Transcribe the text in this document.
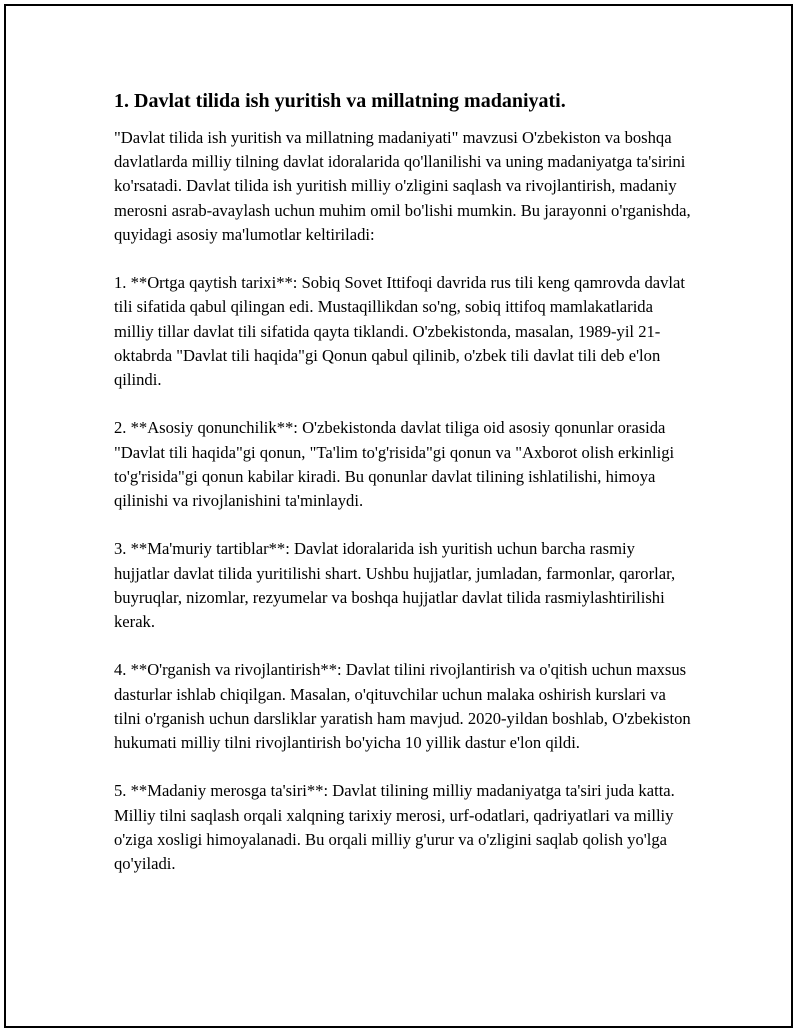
1. Davlat tilida ish yuritish va millatning madaniyati.

"Davlat tilida ish yuritish va millatning madaniyati" mavzusi O'zbekiston va boshqa davlatlarda milliy tilning davlat idoralarida qo'llanilishi va uning madaniyatga ta'sirini ko'rsatadi. Davlat tilida ish yuritish milliy o'zligini saqlash va rivojlantirish, madaniy merosni asrab-avaylash uchun muhim omil bo'lishi mumkin. Bu jarayonni o'rganishda, quyidagi asosiy ma'lumotlar keltiriladi:

1. **Ortga qaytish tarixi**: Sobiq Sovet Ittifoqi davrida rus tili keng qamrovda davlat tili sifatida qabul qilingan edi. Mustaqillikdan so'ng, sobiq ittifoq mamlakatlarida milliy tillar davlat tili sifatida qayta tiklandi. O'zbekistonda, masalan, 1989-yil 21-oktabrda "Davlat tili haqida"gi Qonun qabul qilinib, o'zbek tili davlat tili deb e'lon qilindi.

2. **Asosiy qonunchilik**: O'zbekistonda davlat tiliga oid asosiy qonunlar orasida "Davlat tili haqida"gi qonun, "Ta'lim to'g'risida"gi qonun va "Axborot olish erkinligi to'g'risida"gi qonun kabilar kiradi. Bu qonunlar davlat tilining ishlatilishi, himoya qilinishi va rivojlanishini ta'minlaydi.

3. **Ma'muriy tartiblar**: Davlat idoralarida ish yuritish uchun barcha rasmiy hujjatlar davlat tilida yuritilishi shart. Ushbu hujjatlar, jumladan, farmonlar, qarorlar, buyruqlar, nizomlar, rezyumelar va boshqa hujjatlar davlat tilida rasmiylashtirilishi kerak.

4. **O'rganish va rivojlantirish**: Davlat tilini rivojlantirish va o'qitish uchun maxsus dasturlar ishlab chiqilgan. Masalan, o'qituvchilar uchun malaka oshirish kurslari va tilni o'rganish uchun darsliklar yaratish ham mavjud. 2020-yildan boshlab, O'zbekiston hukumati milliy tilni rivojlantirish bo'yicha 10 yillik dastur e'lon qildi.

5. **Madaniy merosga ta'siri**: Davlat tilining milliy madaniyatga ta'siri juda katta. Milliy tilni saqlash orqali xalqning tarixiy merosi, urf-odatlari, qadriyatlari va milliy o'ziga xosligi himoyalanadi. Bu orqali milliy g'urur va o'zligini saqlab qolish yo'lga qo'yiladi.
